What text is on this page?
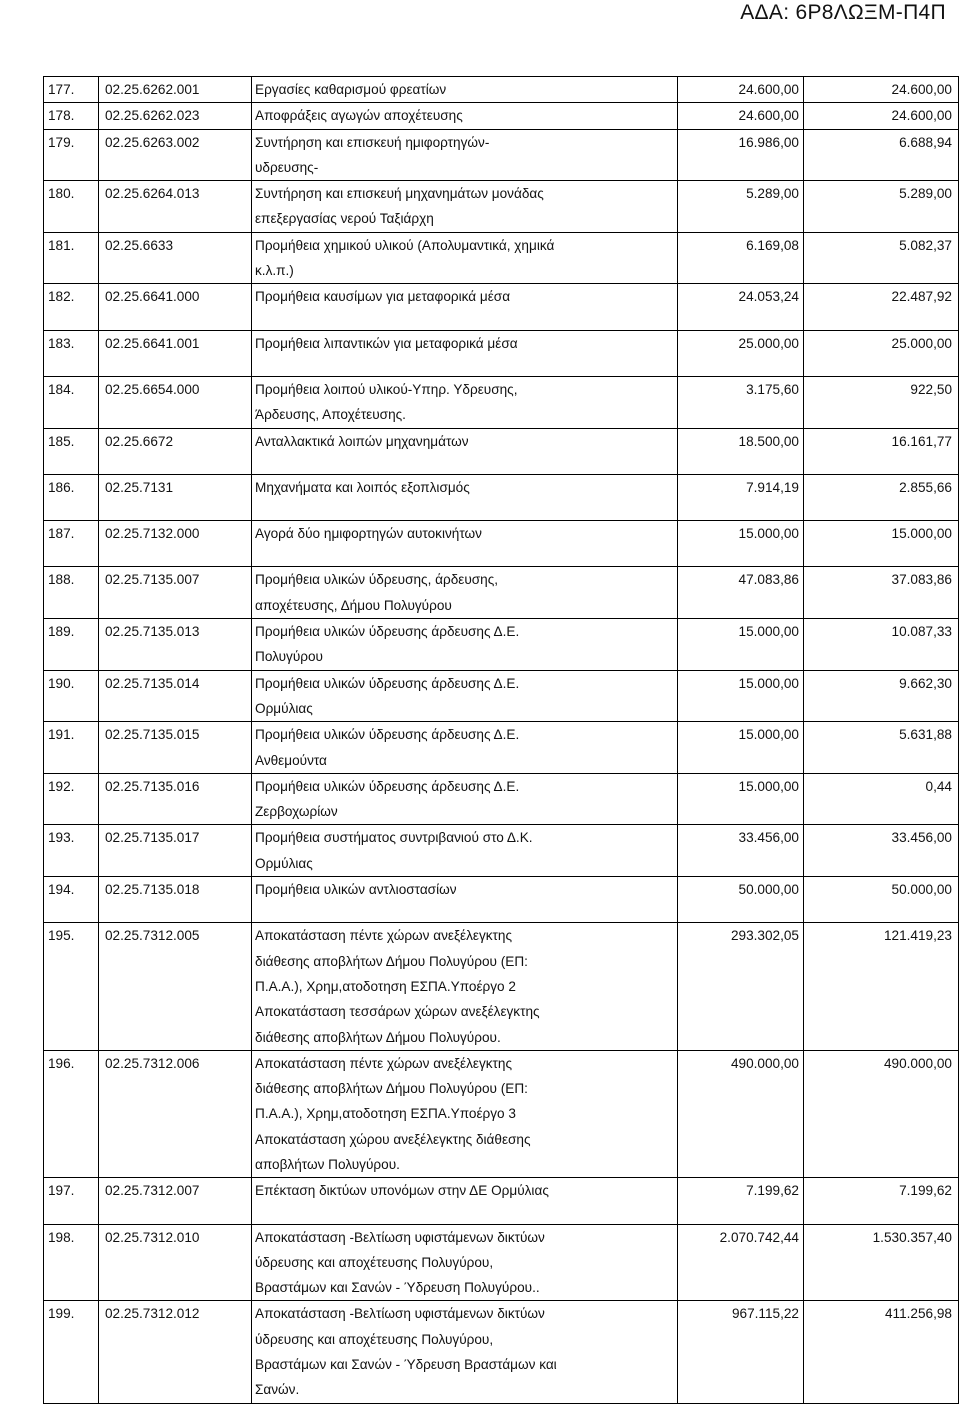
ΑΔΑ: 6Ρ8ΛΩΞΜ-Π4Π
177.	02.25.6262.001	Εργασίες καθαρισμού φρεατίων	24.600,00	24.600,00
178.	02.25.6262.023	Αποφράξεις αγωγών αποχέτευσης	24.600,00	24.600,00
179.	02.25.6263.002	Συντήρηση και επισκευή ημιφορτηγών-
υδρευσης-	16.986,00	6.688,94
180.	02.25.6264.013	Συντήρηση και επισκευή μηχανημάτων μονάδας
επεξεργασίας νερού Ταξιάρχη	5.289,00	5.289,00
181.	02.25.6633	Προμήθεια χημικού υλικού (Απολυμαντικά, χημικά
κ.λ.π.)	6.169,08	5.082,37
182.	02.25.6641.000	Προμήθεια καυσίμων για μεταφορικά μέσα	24.053,24	22.487,92
183.	02.25.6641.001	Προμήθεια λιπαντικών για μεταφορικά μέσα	25.000,00	25.000,00
184.	02.25.6654.000	Προμήθεια λοιπού υλικού-Υπηρ. Υδρευσης,
Άρδευσης, Αποχέτευσης.	3.175,60	922,50
185.	02.25.6672	Ανταλλακτικά λοιπών μηχανημάτων	18.500,00	16.161,77
186.	02.25.7131	Μηχανήματα και λοιπός εξοπλισμός	7.914,19	2.855,66
187.	02.25.7132.000	Αγορά δύο ημιφορτηγών αυτοκινήτων	15.000,00	15.000,00
188.	02.25.7135.007	Προμήθεια υλικών ύδρευσης, άρδευσης,
αποχέτευσης, Δήμου Πολυγύρου	47.083,86	37.083,86
189.	02.25.7135.013	Προμήθεια υλικών ύδρευσης άρδευσης Δ.Ε.
Πολυγύρου	15.000,00	10.087,33
190.	02.25.7135.014	Προμήθεια υλικών ύδρευσης άρδευσης Δ.Ε.
Ορμύλιας	15.000,00	9.662,30
191.	02.25.7135.015	Προμήθεια υλικών ύδρευσης άρδευσης Δ.Ε.
Ανθεμούντα	15.000,00	5.631,88
192.	02.25.7135.016	Προμήθεια υλικών ύδρευσης άρδευσης Δ.Ε.
Ζερβοχωρίων	15.000,00	0,44
193.	02.25.7135.017	Προμήθεια συστήματος συντριβανιού στο Δ.Κ.
Ορμύλιας	33.456,00	33.456,00
194.	02.25.7135.018	Προμήθεια υλικών αντλιοστασίων	50.000,00	50.000,00
195.	02.25.7312.005	Αποκατάσταση πέντε χώρων ανεξέλεγκτης
διάθεσης αποβλήτων Δήμου Πολυγύρου (ΕΠ:
Π.Α.Α.), Χρημ,ατοδοτηση ΕΣΠΑ.Υποέργο 2
Αποκατάσταση τεσσάρων χώρων ανεξέλεγκτης
διάθεσης αποβλήτων Δήμου Πολυγύρου.	293.302,05	121.419,23
196.	02.25.7312.006	Αποκατάσταση πέντε χώρων ανεξέλεγκτης
διάθεσης αποβλήτων Δήμου Πολυγύρου (ΕΠ:
Π.Α.Α.), Χρημ,ατοδοτηση ΕΣΠΑ.Υποέργο 3
Αποκατάσταση χώρου ανεξέλεγκτης διάθεσης
αποβλήτων Πολυγύρου.	490.000,00	490.000,00
197.	02.25.7312.007	Επέκταση δικτύων υπονόμων στην ΔΕ Ορμύλιας	7.199,62	7.199,62
198.	02.25.7312.010	Αποκατάσταση -Βελτίωση υφιστάμενων δικτύων
ύδρευσης και αποχέτευσης Πολυγύρου,
Βραστάμων και Σανών - Ύδρευση Πολυγύρου..	2.070.742,44	1.530.357,40
199.	02.25.7312.012	Αποκατάσταση -Βελτίωση υφιστάμενων δικτύων
ύδρευσης και αποχέτευσης Πολυγύρου,
Βραστάμων και Σανών - Ύδρευση Βραστάμων και
Σανών.	967.115,22	411.256,98
